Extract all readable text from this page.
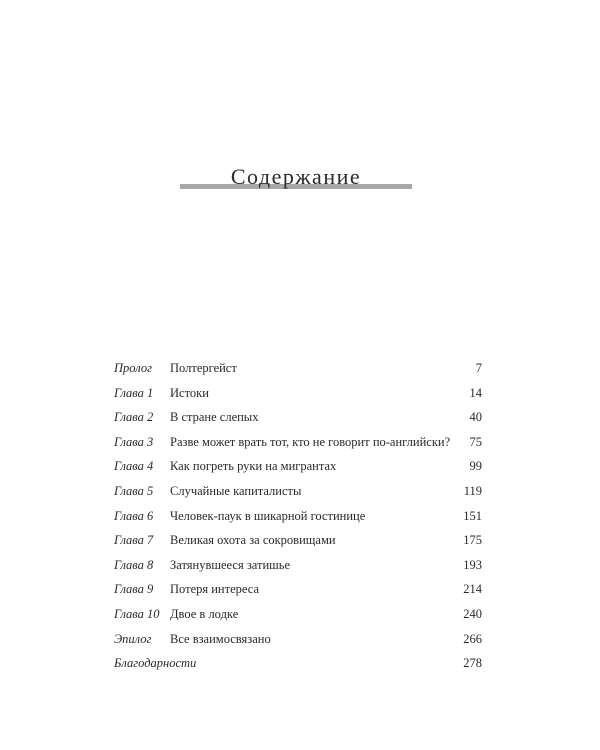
Содержание
Пролог Полтергейст	7
Глава 1 Истоки	14
Глава 2 В стране слепых	40
Глава 3 Разве может врать тот, кто не говорит по-английски? 75
Глава 4 Как погреть руки на мигрантах	99
Глава 5 Случайные капиталисты	119
Глава 6 Человек-паук в шикарной гостинице	151
Глава 7 Великая охота за сокровищами	175
Глава 8 Затянувшееся затишье	193
Глава 9 Потеря интереса	214
Глава 10 Двое в лодке	240
Эпилог Все взаимосвязано	266
Благодарности	278
